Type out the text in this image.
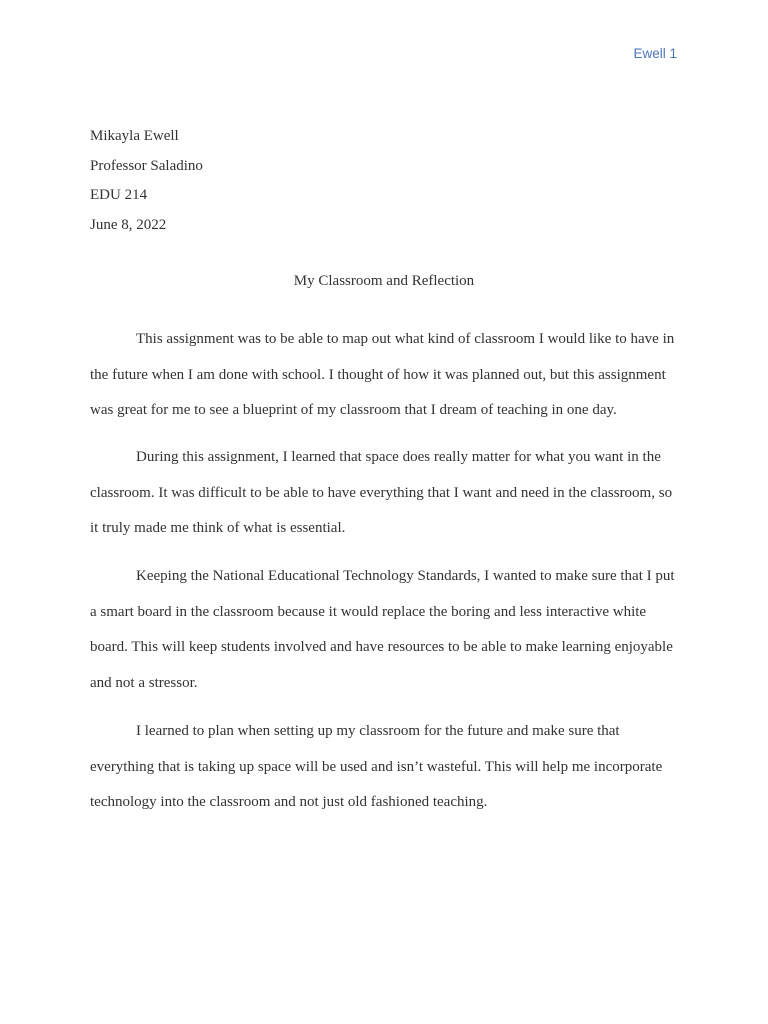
Ewell 1
Mikayla Ewell
Professor Saladino
EDU 214
June 8, 2022
My Classroom and Reflection
This assignment was to be able to map out what kind of classroom I would like to have in
the future when I am done with school. I thought of how it was planned out, but this assignment
was great for me to see a blueprint of my classroom that I dream of teaching in one day.
During this assignment, I learned that space does really matter for what you want in the
classroom. It was difficult to be able to have everything that I want and need in the classroom, so
it truly made me think of what is essential.
Keeping the National Educational Technology Standards, I wanted to make sure that I put
a smart board in the classroom because it would replace the boring and less interactive white
board. This will keep students involved and have resources to be able to make learning enjoyable
and not a stressor.
I learned to plan when setting up my classroom for the future and make sure that
everything that is taking up space will be used and isn’t wasteful. This will help me incorporate
technology into the classroom and not just old fashioned teaching.
